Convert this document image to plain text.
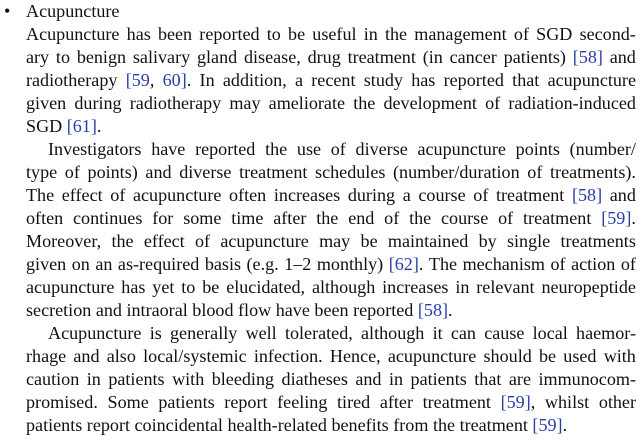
• Acupuncture
Acupuncture has been reported to be useful in the management of SGD second-
ary to benign salivary gland disease, drug treatment (in cancer patients) [58] and
radiotherapy [59, 60]. In addition, a recent study has reported that acupuncture
given during radiotherapy may ameliorate the development of radiation-induced
SGD [61].
Investigators have reported the use of diverse acupuncture points (number/
type of points) and diverse treatment schedules (number/duration of treatments).
The effect of acupuncture often increases during a course of treatment [58] and
often continues for some time after the end of the course of treatment [59].
Moreover, the effect of acupuncture may be maintained by single treatments
given on an as-required basis (e.g. 1–2 monthly) [62]. The mechanism of action of
acupuncture has yet to be elucidated, although increases in relevant neuropeptide
secretion and intraoral blood flow have been reported [58].
Acupuncture is generally well tolerated, although it can cause local haemor-
rhage and also local/systemic infection. Hence, acupuncture should be used with
caution in patients with bleeding diatheses and in patients that are immunocom-
promised. Some patients report feeling tired after treatment [59], whilst other
patients report coincidental health-related benefits from the treatment [59].
